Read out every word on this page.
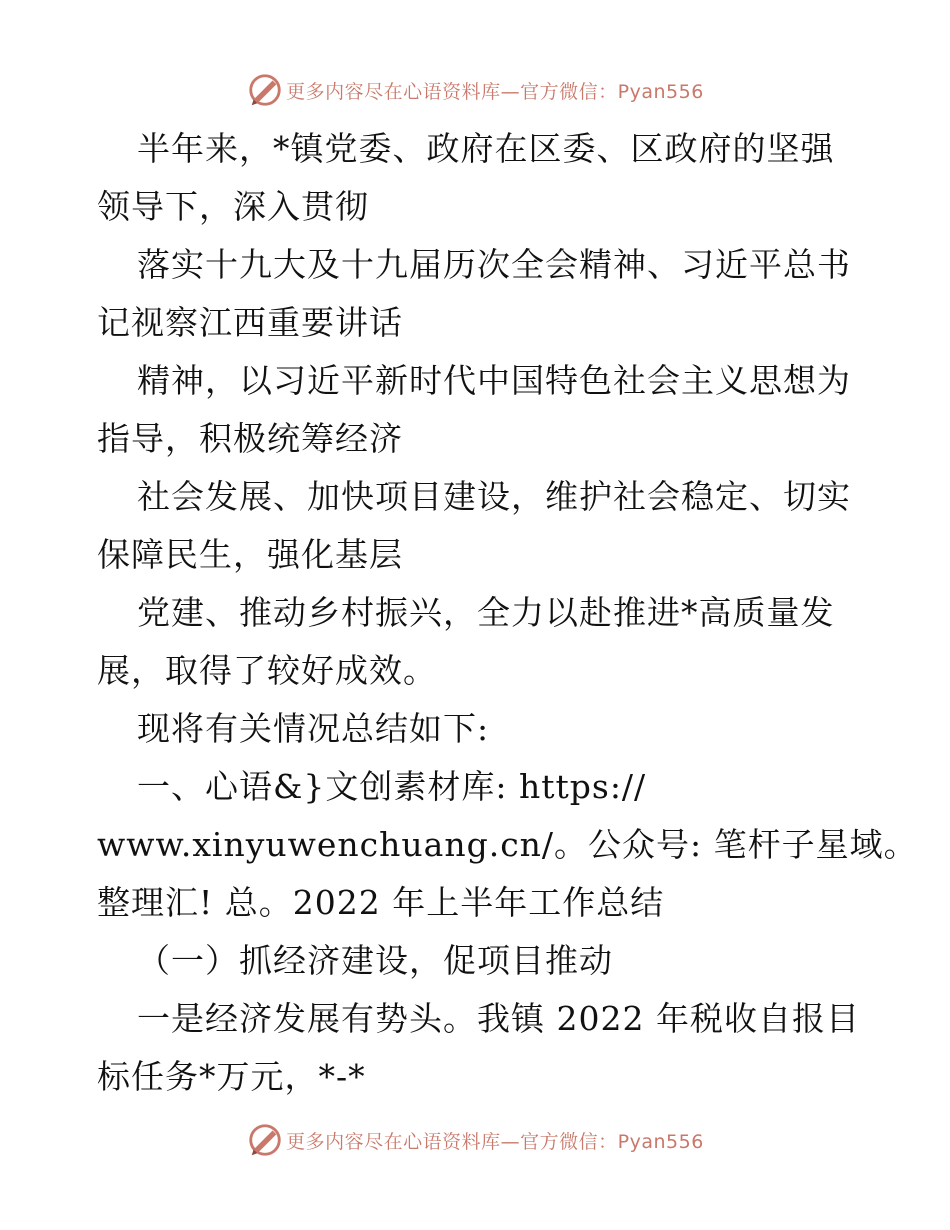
更多内容尽在心语资料库—官方微信：Pyan556
半年来，*镇党委、政府在区委、区政府的坚强
领导下，深入贯彻
落实十九大及十九届历次全会精神、习近平总书
记视察江西重要讲话
精神，以习近平新时代中国特色社会主义思想为
指导，积极统筹经济
社会发展、加快项目建设，维护社会稳定、切实
保障民生，强化基层
党建、推动乡村振兴，全力以赴推进*高质量发
展，取得了较好成效。
现将有关情况总结如下:
一、心语&}文创素材库: https://
www.xinyuwenchuang.cn/。公众号: 笔杆子星域。
整理汇! 总。2022 年上半年工作总结
（一）抓经济建设，促项目推动
一是经济发展有势头。我镇 2022 年税收自报目
标任务*万元，*-*
更多内容尽在心语资料库—官方微信：Pyan556
